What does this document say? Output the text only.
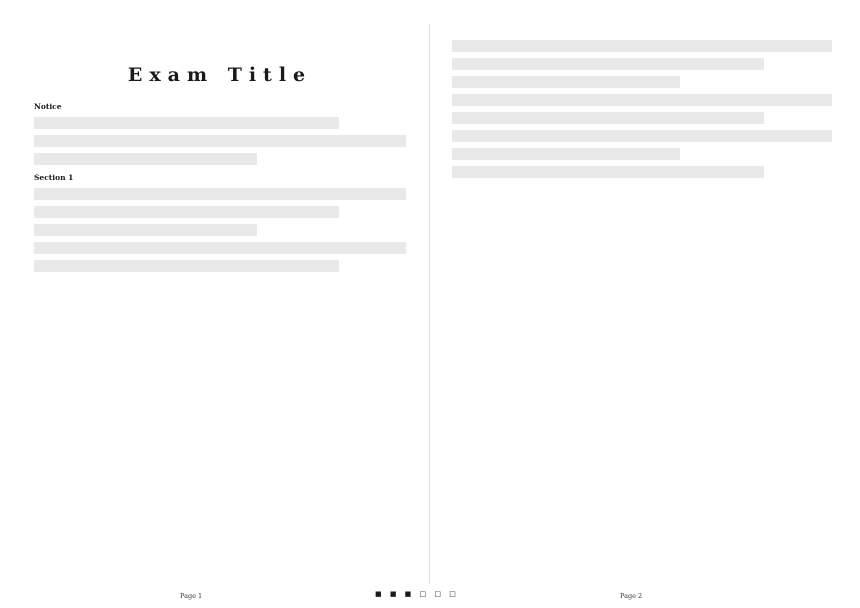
Exam Title
Notice
Section 1
Page 1	Page 2
■ ■ ■ □ □ □
